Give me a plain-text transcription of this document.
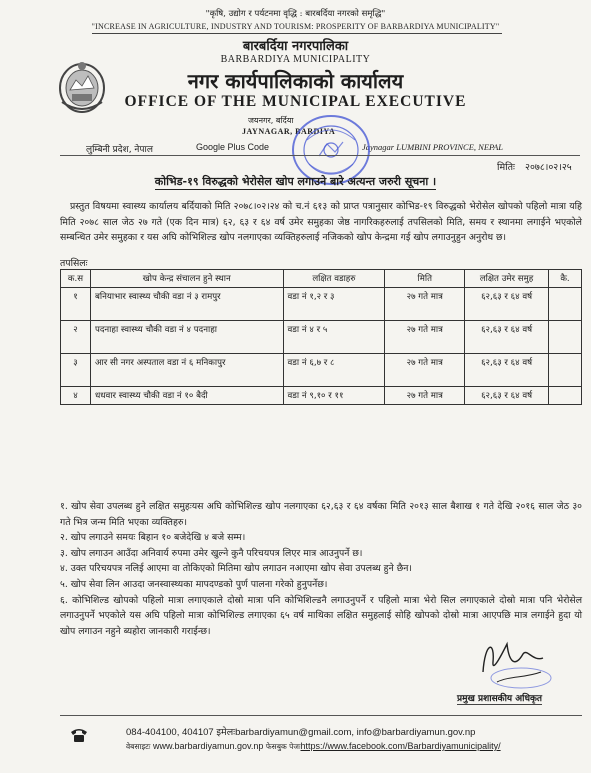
"कृषि, उद्योग र पर्यटनमा वृद्धि : बारबर्दिया नगरको समृद्धि"
"INCREASE IN AGRICULTURE, INDUSTRY AND TOURISM: PROSPERITY OF BARBARDIYA MUNICIPALITY"
बारबर्दिया नगरपालिका
BARBARDIYA MUNICIPALITY
नगर कार्यपालिकाको कार्यालय
OFFICE OF THE MUNICIPAL EXECUTIVE
जयनगर, बर्दिया
JAYNAGAR, BARDIYA
लुम्बिनी प्रदेश, नेपाल	Google Plus Code	Jaynagar LUMBINI PROVINCE, NEPAL
मितिः २०७८।०२।२५
कोभिड-१९ विरुद्धको भेरोसेल खोप लगाउने बारे अत्यन्त जरुरी सूचना ।
प्रस्तुत विषयमा स्वास्थ्य कार्यालय बर्दियाको मिति २०७८।०२।२४ को च.नं ६१३ को प्राप्त पत्रानुसार कोभिड-१९ विरुद्धको भेरोसेल खोपको पहिलो मात्रा यहि मिति २०७८ साल जेठ २७ गते (एक दिन मात्र) ६२, ६३ र ६४ वर्ष उमेर समुहका जेष्ठ नागरिकहरुलाई तपसिलको मिति, समय र स्थानमा लगाईने भएकोले सम्बन्धित उमेर समुहका र यस अघि कोभिशिल्ड खोप नलगाएका व्यक्तिहरुलाई नजिकको खोप केन्द्रमा गई खोप लगाउनुहुन अनुरोध छ।
तपसिलः
क.स	खोप केन्द्र संचालन हुने स्थान	लक्षित वडाहरु	मिति	लक्षित उमेर समुह	कै.
१	बनियाभार स्वास्थ्य चौकी वडा नं ३ रामपुर	वडा नं १,२ र ३	२७ गते मात्र	६२,६३ र ६४ वर्ष	
२	पदनाहा स्वास्थ्य चौकी वडा नं ४ पदनाहा	वडा नं ४ र ५	२७ गते मात्र	६२,६३ र ६४ वर्ष	
३	आर सी नगर अस्पताल वडा नं ६ मनिकापुर	वडा नं ६,७ र ८	२७ गते मात्र	६२,६३ र ६४ वर्ष	
४	धधवार स्वास्थ्य चौकी वडा नं १० बैदी	वडा नं ९,१० र ११	२७ गते मात्र	६२,६३ र ६४ वर्ष	

१. खोप सेवा उपलब्ध हुने लक्षित समुहःयस अघि कोभिशिल्ड खोप नलगाएका ६२,६३ र ६४ वर्षका मिति २०१३ साल बैशाख १ गते देखि २०१६ साल जेठ ३० गते भित्र जन्म मिति भएका व्यक्तिहरु।

२. खोप लगाउने समयः बिहान १० बजेदेखि ४ बजे सम्म।

३. खोप लगाउन आउँदा अनिवार्य रुपमा उमेर खुल्ने कुनै परिचयपत्र लिएर मात्र आउनुपर्ने छ।

४. उक्त परिचयपत्र नलिई आएमा वा तोकिएको मितिमा खोप लगाउन नआएमा खोप सेवा उपलब्ध हुने छैन।

५. खोप सेवा लिन आउदा जनस्वास्थ्यका मापदण्डको पुर्ण पालना गरेको हुनुपर्नेछ।

६. कोभिशिल्ड खोपको पहिलो मात्रा लगाएकाले दोस्रो मात्रा पनि कोभिशिल्डनै लगाउनुपर्ने र पहिलो मात्रा भेरो सिल लगाएकाले दोस्रो मात्रा पनि भेरोसेल लगाउनुपर्ने भएकोले यस अघि पहिलो मात्रा कोभिशिल्ड लगाएका ६५ वर्ष माथिका लक्षित समुहलाई सोहि खोपको दोस्रो मात्रा आएपछि मात्र लगाईने हुदा यो खोप लगाउन नहुने ब्यहोरा जानकारी गराईन्छ।

प्रमुख प्रशासकीय अधिकृत
084-404100, 404107 इमेलःbarbardiyamun@gmail.com, info@barbardiyamun.gov.np
वेबसाइटः www.barbardiyamun.gov.np फेसबुक पेजःhttps://www.facebook.com/Barbardiyamunicipality/
